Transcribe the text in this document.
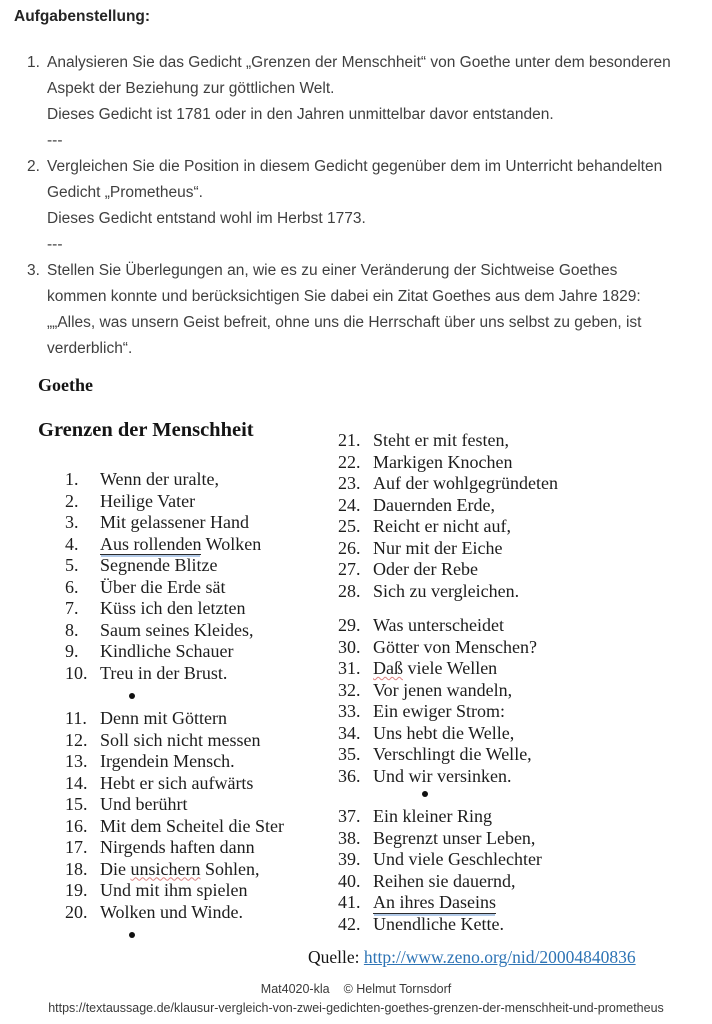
Aufgabenstellung:
1. Analysieren Sie das Gedicht „Grenzen der Menschheit“ von Goethe unter dem besonderen
Aspekt der Beziehung zur göttlichen Welt.
Dieses Gedicht ist 1781 oder in den Jahren unmittelbar davor entstanden.
---
2. Vergleichen Sie die Position in diesem Gedicht gegenüber dem im Unterricht behandelten
Gedicht „Prometheus“.
Dieses Gedicht entstand wohl im Herbst 1773.
---
3. Stellen Sie Überlegungen an, wie es zu einer Veränderung der Sichtweise Goethes
kommen konnte und berücksichtigen Sie dabei ein Zitat Goethes aus dem Jahre 1829:
„„Alles, was unsern Geist befreit, ohne uns die Herrschaft über uns selbst zu geben, ist
verderblich“.
Goethe
Grenzen der Menschheit
1.	Wenn der uralte,
2.	Heilige Vater
3.	Mit gelassener Hand
4.	Aus rollenden Wolken
5.	Segnende Blitze
6.	Über die Erde sät
7.	Küss ich den letzten
8.	Saum seines Kleides,
9.	Kindliche Schauer
10. Treu in der Brust.
11. Denn mit Göttern
12. Soll sich nicht messen
13. Irgendein Mensch.
14. Hebt er sich aufwärts
15. Und berührt
16. Mit dem Scheitel die Ster
17. Nirgends haften dann
18. Die unsichern Sohlen,
19. Und mit ihm spielen
20. Wolken und Winde.
21. Steht er mit festen,
22. Markigen Knochen
23. Auf der wohlgegründeten
24. Dauernden Erde,
25. Reicht er nicht auf,
26. Nur mit der Eiche
27. Oder der Rebe
28. Sich zu vergleichen.
29. Was unterscheidet
30. Götter von Menschen?
31. Daß viele Wellen
32. Vor jenen wandeln,
33. Ein ewiger Strom:
34. Uns hebt die Welle,
35. Verschlingt die Welle,
36. Und wir versinken.
37. Ein kleiner Ring
38. Begrenzt unser Leben,
39. Und viele Geschlechter
40. Reihen sie dauernd,
41. An ihres Daseins
42. Unendliche Kette.
Quelle: http://www.zeno.org/nid/20004840836
Mat4020-kla © Helmut Tornsdorf
https://textaussage.de/klausur-vergleich-von-zwei-gedichten-goethes-grenzen-der-menschheit-und-prometheus
